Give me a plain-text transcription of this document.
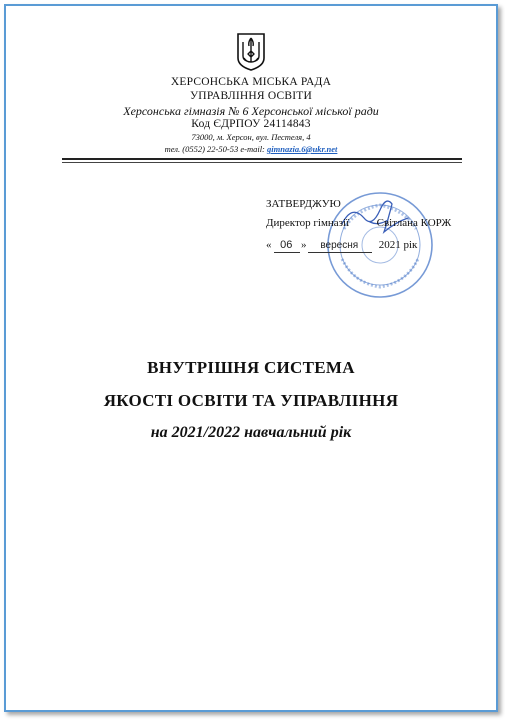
ХЕРСОНСЬКА МІСЬКА РАДА
УПРАВЛІННЯ ОСВІТИ
Херсонська гімназія № 6 Херсонської міської ради
Код ЄДРПОУ 24114843
73000, м. Херсон, вул. Пестеля, 4
тел. (0552) 22-50-53 e-mail: gimnazia.6@ukr.net
ЗАТВЕРДЖУЮ
Директор гімназії	Світлана КОРЖ
« 06 » вересня 2021 рік
ВНУТРІШНЯ СИСТЕМА
ЯКОСТІ ОСВІТИ ТА УПРАВЛІННЯ
на 2021/2022 навчальний рік
